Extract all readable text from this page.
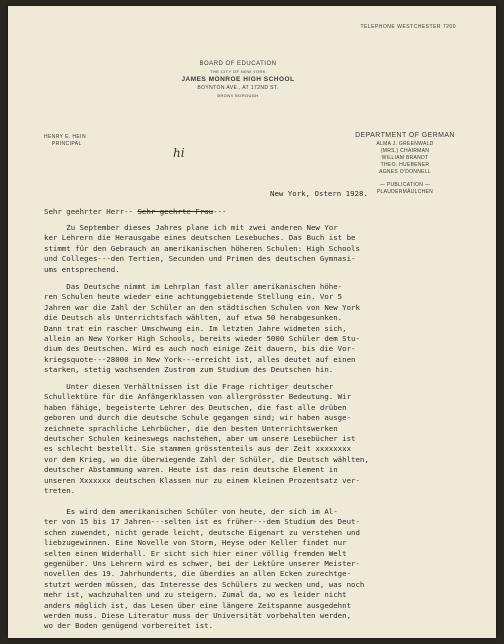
TELEPHONE WESTCHESTER 7200
BOARD OF EDUCATION
THE CITY OF NEW YORK
JAMES MONROE HIGH SCHOOL
BOYNTON AVE., AT 172ND ST.
BRONX BOROUGH
HENRY E. HEIN
PRINCIPAL
DEPARTMENT OF GERMAN
ALMA J. GREENWALD
(MRS.) CHAIRMAN
WILLIAM BRANDT
THEO. HUEBENER
AGNES O'DONNELL
— PUBLICATION —
PLAUDERMÄULCHEN
hi
New York, Ostern 1928.
Sehr geehrter Herr-- Sehr geehrte Frau---
Zu September dieses Jahres plane ich mit zwei anderen New Yor
ker Lehrern die Herausgabe eines deutschen Lesebuches. Das Buch ist be
stimmt für den Gebrauch an amerikanischen höheren Schulen: High Schools
und Colleges---den Tertien, Secunden und Primen des deutschen Gymnasi-
ums entsprechend.
Das Deutsche nimmt im Lehrplan fast aller amerikanischen höhe-
ren Schulen heute wieder eine achtunggebietende Stellung ein. Vor 5
Jahren war die Zahl der Schüler an den städtischen Schulen von New York
die Deutsch als Unterrichtsfach wählten, auf etwa 50 herabgesunken.
Dann trat ein rascher Umschwung ein. Im letzten Jahre widmeten sich,
allein an New Yorker High Schools, bereits wieder 5000 Schüler dem Stu-
dium des Deutschen. Wird es auch noch einige Zeit dauern, bis die Vor-
kriegsquote---28000 in New York---erreicht ist, alles deutet auf einen
starken, stetig wachsenden Zustrom zum Studium des Deutschen hin.
Unter diesen Verhältnissen ist die Frage richtiger deutscher
Schullektüre für die Anfängerklassen von allergrösster Bedeutung. Wir
haben fähige, begeisterte Lehrer des Deutschen, die fast alle drüben
geboren und durch die deutsche Schule gegangen sind; wir haben ausge-
zeichnete sprachliche Lehrbücher, die den besten Unterrichtswerken
deutscher Schulen keineswegs nachstehen, aber um unsere Lesebücher ist
es schlecht bestellt. Sie stammen grösstenteils aus der Zeit xxxxxxxx
vor dem Krieg, wo die überwiegende Zahl der Schüler, die Deutsch wählten,
deutscher Abstammung waren. Heute ist das rein deutsche Element in
unseren Xxxxxxx deutschen Klassen nur zu einem kleinen Prozentsatz ver-
treten.
Es wird dem amerikanischen Schüler von heute, der sich im Al-
ter von 15 bis 17 Jahren---selten ist es früher---dem Studium des Deut-
schen zuwendet, nicht gerade leicht, deutsche Eigenart zu verstehen und
liebzugewinnen. Eine Novelle von Storm, Heyse oder Keller findet nur
selten einen Widerhall. Er sicht sich hier einer völlig fremden Welt
gegenüber. Uns Lehrern wird es schwer, bei der Lektüre unserer Meister-
novellen des 19. Jahrhunderts, die überdies an allen Ecken zurechtge-
stutzt werden müssen, das Interesse des Schülers zu wecken und, was noch
mehr ist, wachzuhalten und zu steigern. Zumal da, wo es leider nicht
anders möglich ist, das Lesen über eine längere Zeitspanne ausgedehnt
werden muss. Diese Literatur muss der Universität vorbehalten werden,
wo der Boden genügend vorbereitet ist.
